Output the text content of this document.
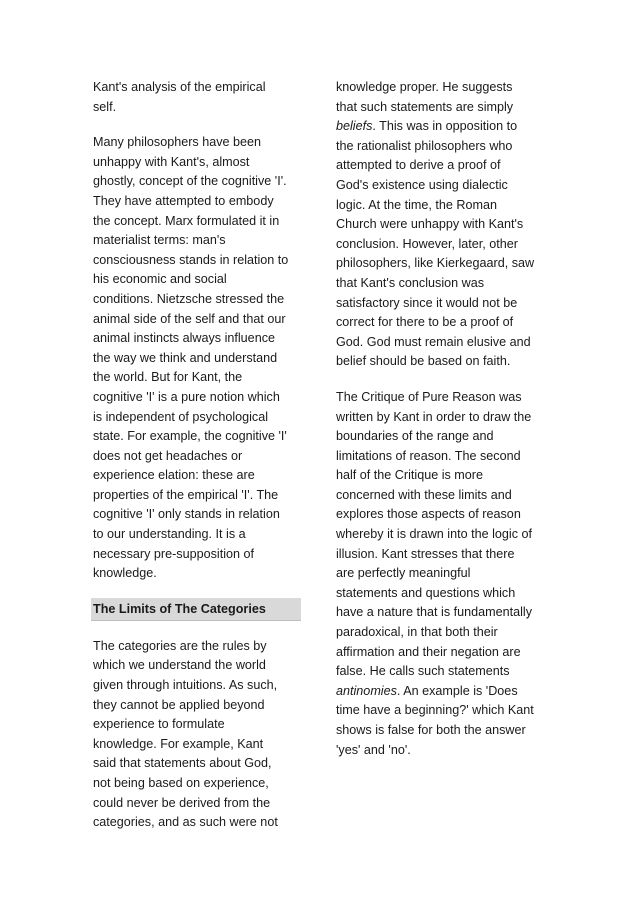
Kant's analysis of the empirical
self.
Many philosophers have been
unhappy with Kant's, almost
ghostly, concept of the cognitive 'I'.
They have attempted to embody
the concept. Marx formulated it in
materialist terms: man's
consciousness stands in relation to
his economic and social
conditions. Nietzsche stressed the
animal side of the self and that our
animal instincts always influence
the way we think and understand
the world. But for Kant, the
cognitive 'I' is a pure notion which
is independent of psychological
state. For example, the cognitive 'I'
does not get headaches or
experience elation: these are
properties of the empirical 'I'. The
cognitive 'I' only stands in relation
to our understanding. It is a
necessary pre-supposition of
knowledge.
The Limits of The Categories
The categories are the rules by
which we understand the world
given through intuitions. As such,
they cannot be applied beyond
experience to formulate
knowledge. For example, Kant
said that statements about God,
not being based on experience,
could never be derived from the
categories, and as such were not
knowledge proper. He suggests
that such statements are simply
beliefs. This was in opposition to
the rationalist philosophers who
attempted to derive a proof of
God's existence using dialectic
logic. At the time, the Roman
Church were unhappy with Kant's
conclusion. However, later, other
philosophers, like Kierkegaard, saw
that Kant's conclusion was
satisfactory since it would not be
correct for there to be a proof of
God. God must remain elusive and
belief should be based on faith.
The Critique of Pure Reason was
written by Kant in order to draw the
boundaries of the range and
limitations of reason. The second
half of the Critique is more
concerned with these limits and
explores those aspects of reason
whereby it is drawn into the logic of
illusion. Kant stresses that there
are perfectly meaningful
statements and questions which
have a nature that is fundamentally
paradoxical, in that both their
affirmation and their negation are
false. He calls such statements
antinomies. An example is 'Does
time have a beginning?' which Kant
shows is false for both the answer
'yes' and 'no'.
